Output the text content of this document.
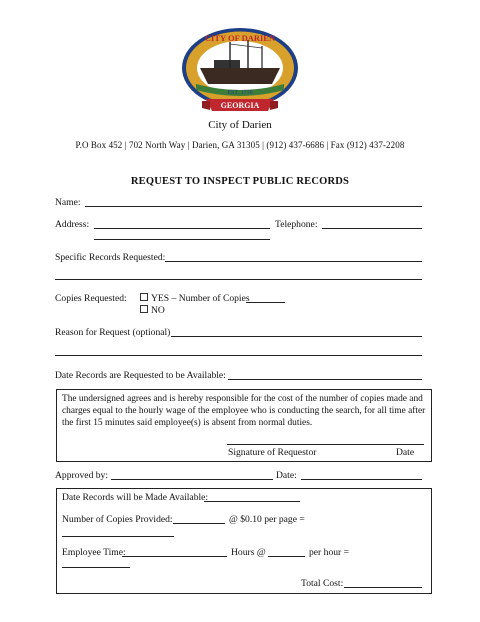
CITY OF DARIEN
EST. 1736
GEORGIA
City of Darien
P.O Box 452 | 702 North Way | Darien, GA 31305 | (912) 437-6686 | Fax (912) 437-2208
REQUEST TO INSPECT PUBLIC RECORDS
Name:
Address:	Telephone:
Specific Records Requested:
Copies Requested:	YES – Number of Copies
NO
Reason for Request (optional)
Date Records are Requested to be Available:
The undersigned agrees and is hereby responsible for the cost of the number of copies made and charges equal to the hourly wage of the employee who is conducting the search, for all time after the first 15 minutes said employee(s) is absent from normal duties.
Signature of Requestor	Date
Approved by:	Date:
Date Records will be Made Available:
Number of Copies Provided:	@ $0.10 per page =
Employee Time:	Hours @	per hour =
Total Cost:
